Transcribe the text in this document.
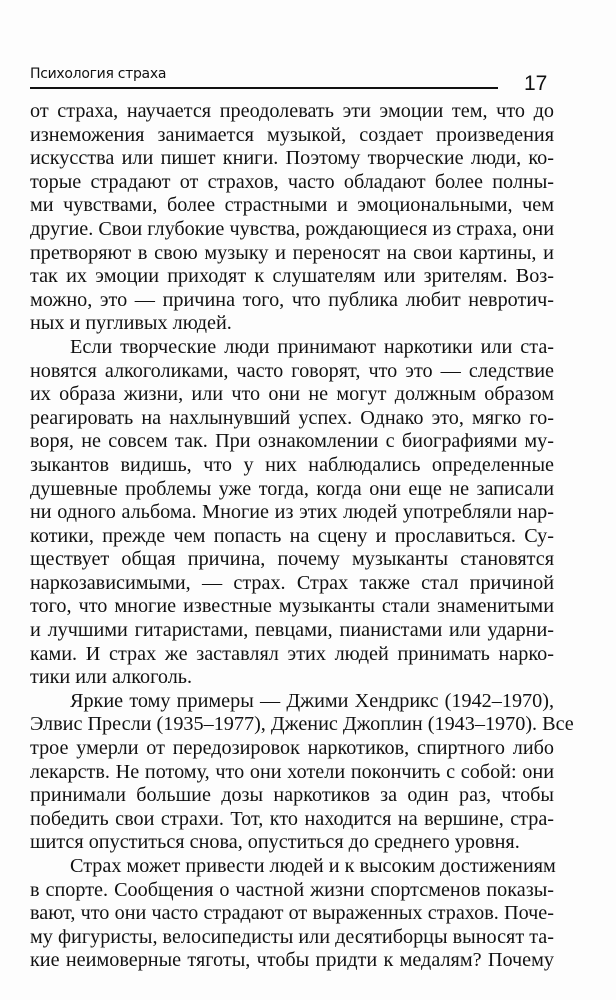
Психология страха	17
от страха, научается преодолевать эти эмоции тем, что до
изнеможения занимается музыкой, создает произведения
искусства или пишет книги. Поэтому творческие люди, ко-
торые страдают от страхов, часто обладают более полны-
ми чувствами, более страстными и эмоциональными, чем
другие. Свои глубокие чувства, рождающиеся из страха, они
претворяют в свою музыку и переносят на свои картины, и
так их эмоции приходят к слушателям или зрителям. Воз-
можно, это — причина того, что публика любит невротич-
ных и пугливых людей.
Если творческие люди принимают наркотики или ста-
новятся алкоголиками, часто говорят, что это — следствие
их образа жизни, или что они не могут должным образом
реагировать на нахлынувший успех. Однако это, мягко го-
воря, не совсем так. При ознакомлении с биографиями му-
зыкантов видишь, что у них наблюдались определенные
душевные проблемы уже тогда, когда они еще не записали
ни одного альбома. Многие из этих людей употребляли нар-
котики, прежде чем попасть на сцену и прославиться. Су-
ществует общая причина, почему музыканты становятся
наркозависимыми, — страх. Страх также стал причиной
того, что многие известные музыканты стали знаменитыми
и лучшими гитаристами, певцами, пианистами или ударни-
ками. И страх же заставлял этих людей принимать нарко-
тики или алкоголь.
Яркие тому примеры — Джими Хендрикс (1942–1970),
Элвис Пресли (1935–1977), Дженис Джоплин (1943–1970). Все
трое умерли от передозировок наркотиков, спиртного либо
лекарств. Не потому, что они хотели покончить с собой: они
принимали большие дозы наркотиков за один раз, чтобы
победить свои страхи. Тот, кто находится на вершине, стра-
шится опуститься снова, опуститься до среднего уровня.
Страх может привести людей и к высоким достижениям
в спорте. Сообщения о частной жизни спортсменов показы-
вают, что они часто страдают от выраженных страхов. Поче-
му фигуристы, велосипедисты или десятиборцы выносят та-
кие неимоверные тяготы, чтобы придти к медалям? Почему
